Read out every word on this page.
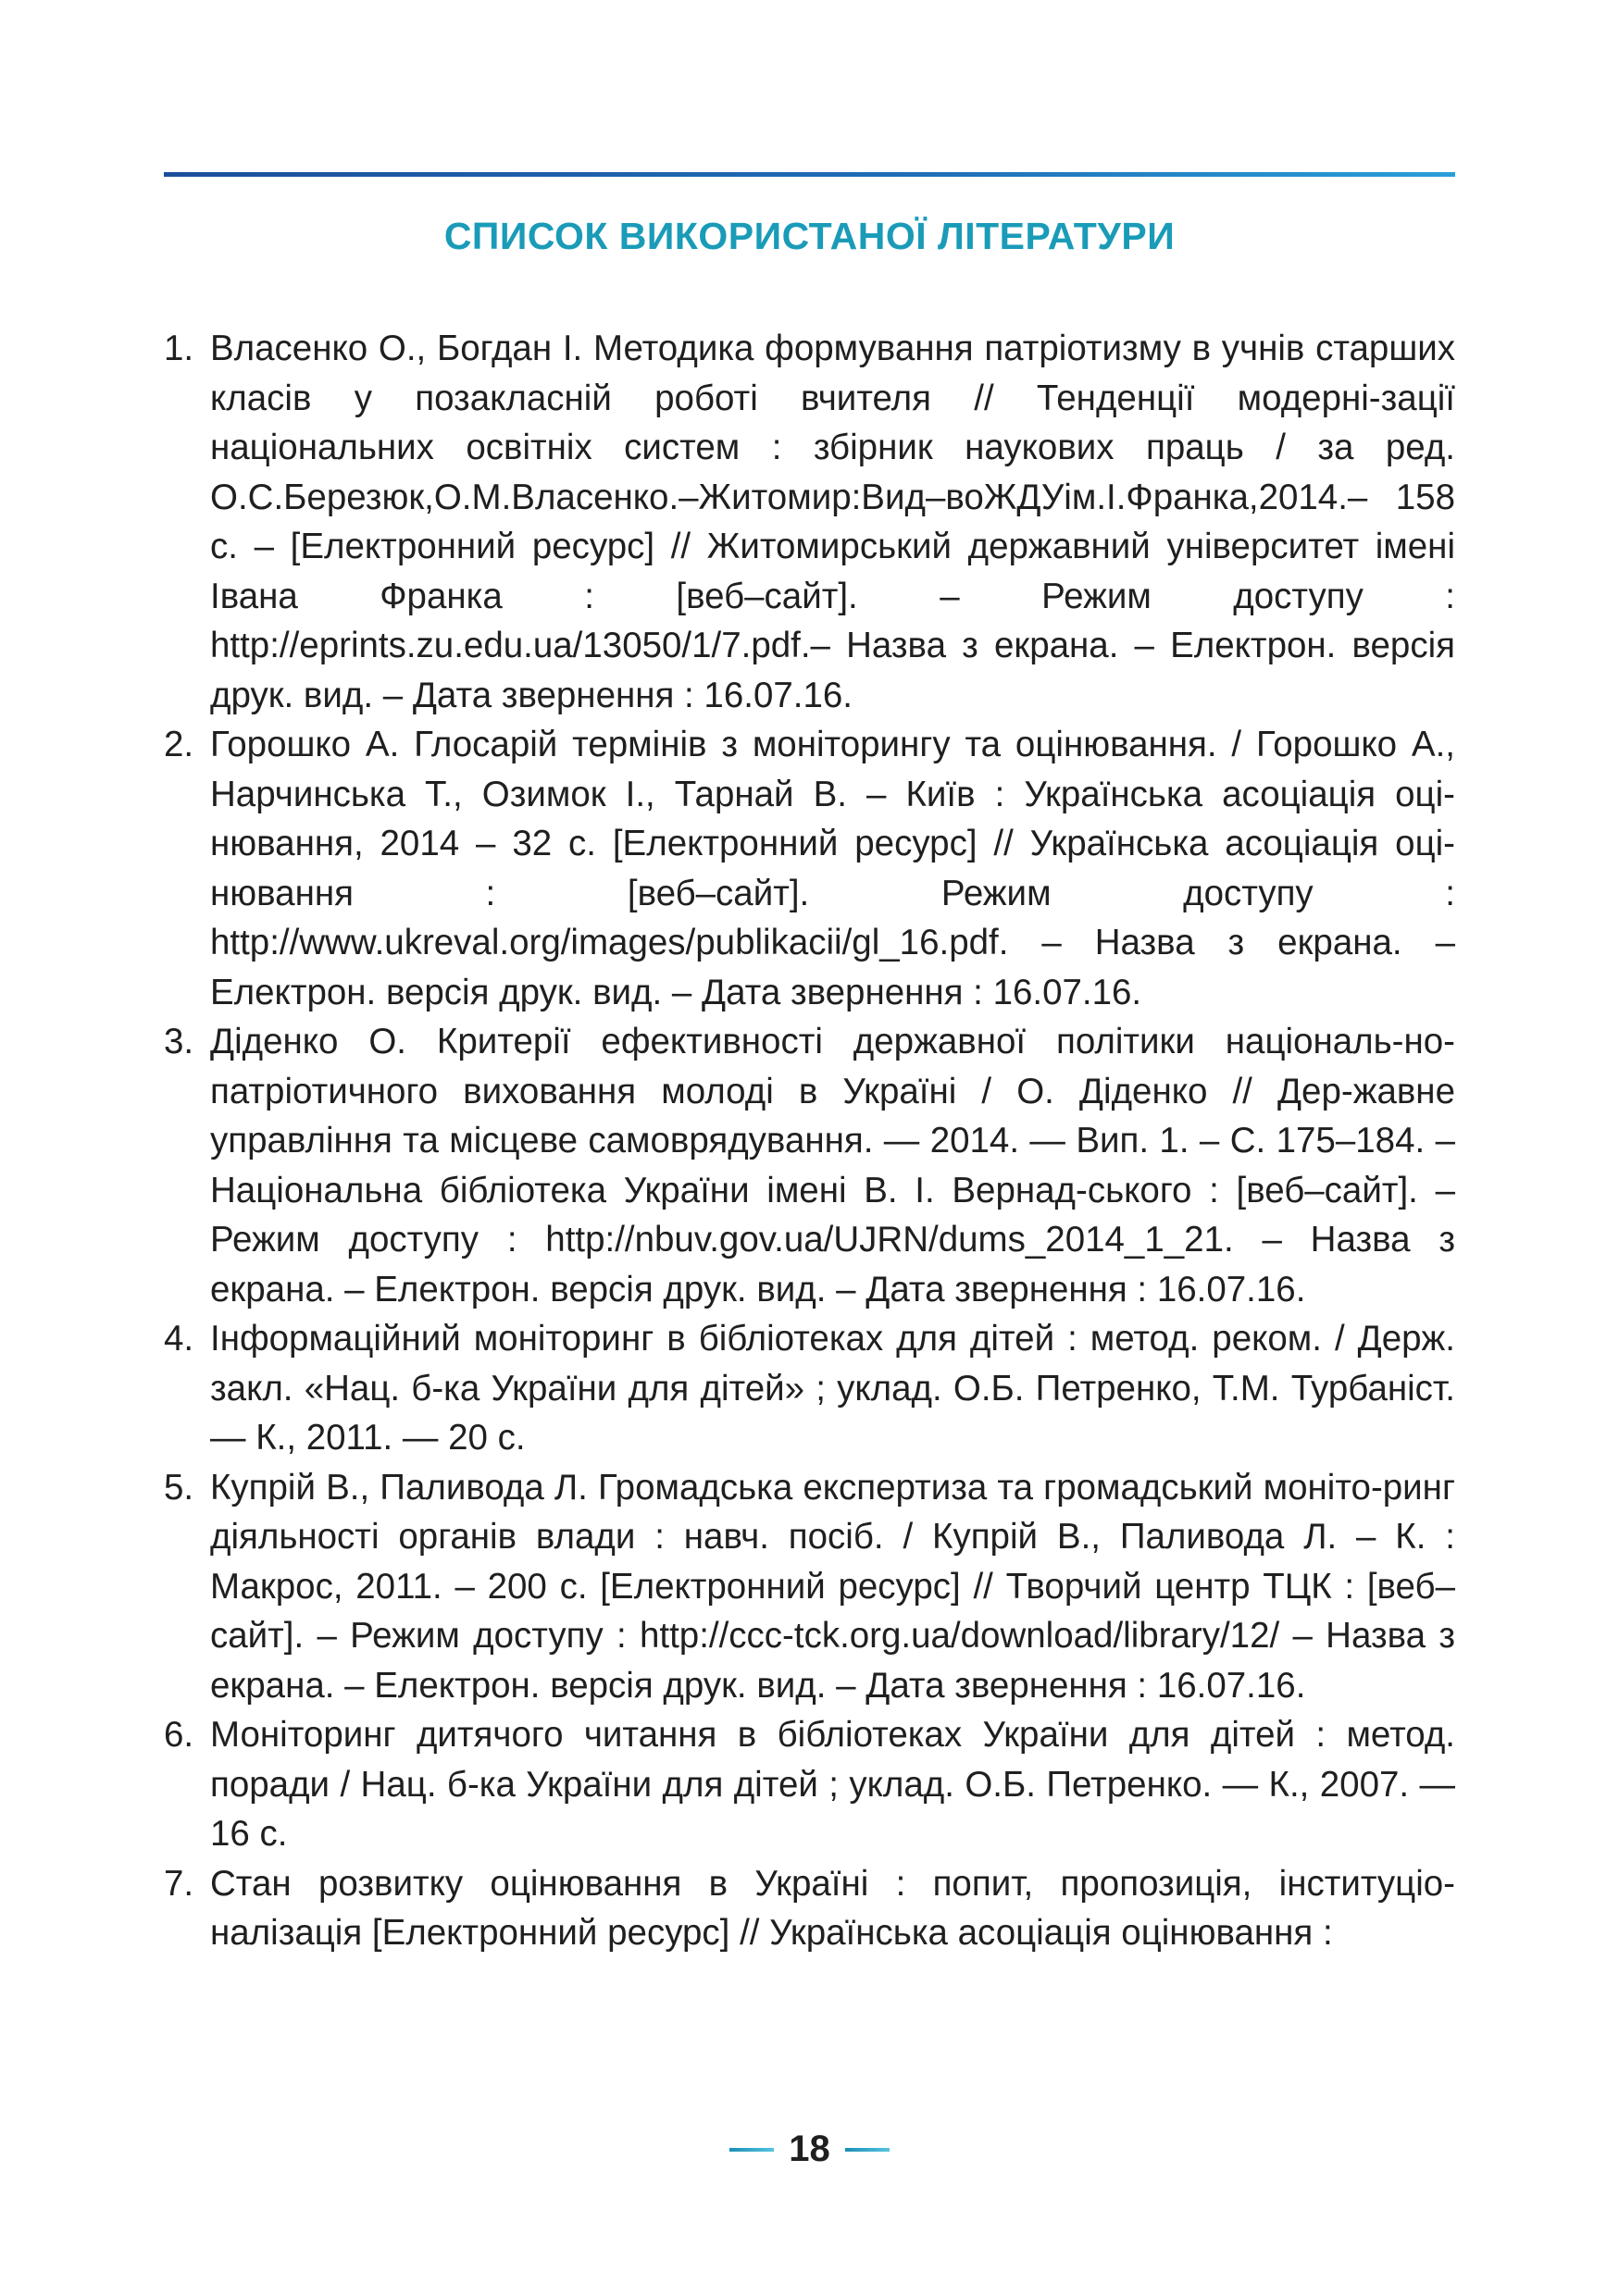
СПИСОК ВИКОРИСТАНОЇ ЛІТЕРАТУРИ
1. Власенко О., Богдан І. Методика формування патріотизму в учнів старших класів у позакласній роботі вчителя // Тенденції модерні-зації національних освітніх систем : збірник наукових праць / за ред. О.С.Березюк,О.М.Власенко.–Житомир:Вид–воЖДУім.І.Франка,2014.– 158 с. – [Електронний ресурс] // Житомирський державний університет імені Івана Франка : [веб–сайт]. – Режим доступу : http://eprints.zu.edu.ua/13050/1/7.pdf.– Назва з екрана. – Електрон. версія друк. вид. – Дата звернення : 16.07.16.
2. Горошко А. Глосарій термінів з моніторингу та оцінювання. / Горошко А., Нарчинська Т., Озимок І., Тарнай В. – Київ : Українська асоціація оці-нювання, 2014 – 32 с. [Електронний ресурс] // Українська асоціація оці-нювання : [веб–сайт]. Режим доступу : http://www.ukreval.org/images/publikacii/gl_16.pdf. – Назва з екрана. – Електрон. версія друк. вид. – Дата звернення : 16.07.16.
3. Діденко О. Критерії ефективності державної політики національ-но-патріотичного виховання молоді в Україні / О. Діденко // Дер-жавне управління та місцеве самоврядування. — 2014. — Вип. 1. – С. 175–184. – Національна бібліотека України імені В. І. Вернад-ського : [веб–сайт]. – Режим доступу : http://nbuv.gov.ua/UJRN/dums_2014_1_21. – Назва з екрана. – Електрон. версія друк. вид. – Дата звернення : 16.07.16.
4. Інформаційний моніторинг в бібліотеках для дітей : метод. реком. / Держ. закл. «Нац. б-ка України для дітей» ; уклад. О.Б. Петренко, Т.М. Турбаніст. — К., 2011. — 20 с.
5. Купрій В., Паливода Л. Громадська експертиза та громадський моніто-ринг діяльності органів влади : навч. посіб. / Купрій В., Паливода Л. – К. : Макрос, 2011. – 200 с. [Електронний ресурс] // Творчий центр ТЦК : [веб–сайт]. – Режим доступу : http://ccc-tck.org.ua/download/library/12/ – Назва з екрана. – Електрон. версія друк. вид. – Дата звернення : 16.07.16.
6. Моніторинг дитячого читання в бібліотеках України для дітей : метод. поради / Нац. б-ка України для дітей ; уклад. О.Б. Петренко. — К., 2007. — 16 с.
7. Стан розвитку оцінювання в Україні : попит, пропозиція, інституціо-налізація [Електронний ресурс] // Українська асоціація оцінювання :
18
